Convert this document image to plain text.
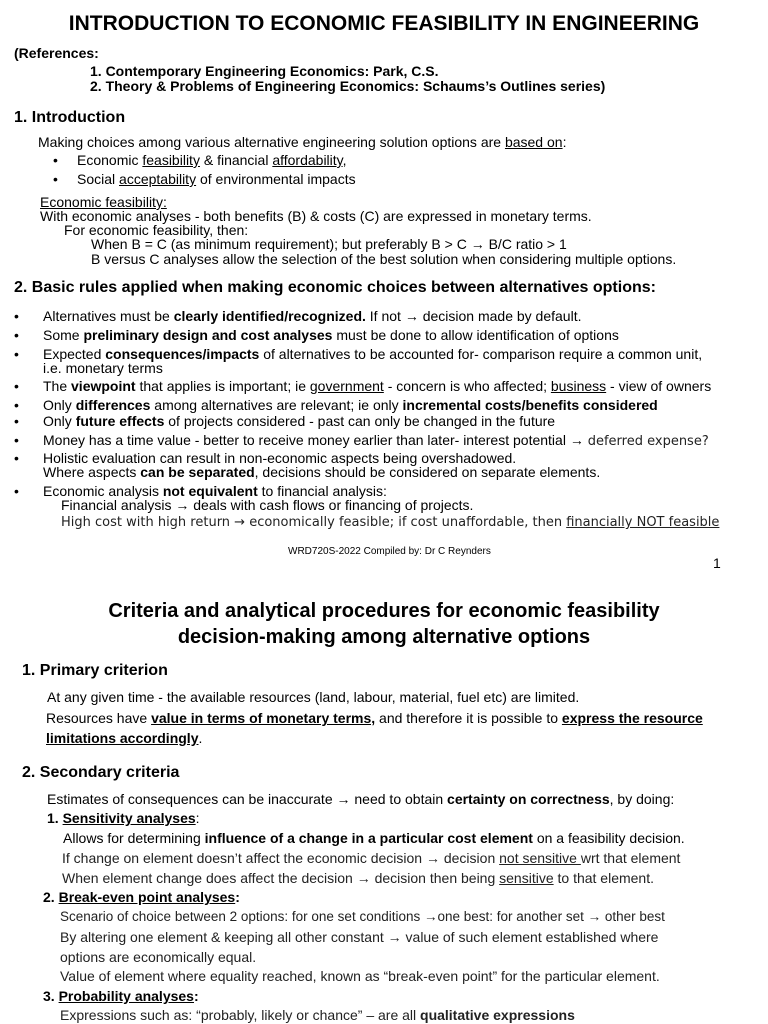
INTRODUCTION TO ECONOMIC FEASIBILITY IN ENGINEERING
(References:
1. Contemporary Engineering Economics: Park, C.S.
2. Theory & Problems of Engineering Economics: Schaums’s Outlines series)
1. Introduction
Making choices among various alternative engineering solution options are based on:
• Economic feasibility & financial affordability,
• Social acceptability of environmental impacts
Economic feasibility:
With economic analyses - both benefits (B) & costs (C) are expressed in monetary terms.
For economic feasibility, then:
When B = C (as minimum requirement); but preferably B > C → B/C ratio > 1
B versus C analyses allow the selection of the best solution when considering multiple options.
2. Basic rules applied when making economic choices between alternatives options:
• Alternatives must be clearly identified/recognized. If not → decision made by default.
• Some preliminary design and cost analyses must be done to allow identification of options
• Expected consequences/impacts of alternatives to be accounted for- comparison require a common unit,
i.e. monetary terms
• The viewpoint that applies is important; ie government - concern is who affected; business - view of owners
• Only differences among alternatives are relevant; ie only incremental costs/benefits considered
• Only future effects of projects considered - past can only be changed in the future
• Money has a time value - better to receive money earlier than later- interest potential → deferred expense?
• Holistic evaluation can result in non-economic aspects being overshadowed.
Where aspects can be separated, decisions should be considered on separate elements.
• Economic analysis not equivalent to financial analysis:
Financial analysis → deals with cash flows or financing of projects.
High cost with high return → economically feasible; if cost unaffordable, then financially NOT feasible
WRD720S-2022 Compiled by: Dr C Reynders
1
Criteria and analytical procedures for economic feasibility
decision-making among alternative options
1. Primary criterion
At any given time - the available resources (land, labour, material, fuel etc) are limited.
Resources have value in terms of monetary terms, and therefore it is possible to express the resource
limitations accordingly.
2. Secondary criteria
Estimates of consequences can be inaccurate → need to obtain certainty on correctness, by doing:
1. Sensitivity analyses:
Allows for determining influence of a change in a particular cost element on a feasibility decision.
If change on element doesn’t affect the economic decision → decision not sensitive wrt that element
When element change does affect the decision → decision then being sensitive to that element.
2. Break-even point analyses:
Scenario of choice between 2 options: for one set conditions →one best: for another set → other best
By altering one element & keeping all other constant → value of such element established where
options are economically equal.
Value of element where equality reached, known as “break-even point” for the particular element.
3. Probability analyses:
Expressions such as: “probably, likely or chance” – are all qualitative expressions
